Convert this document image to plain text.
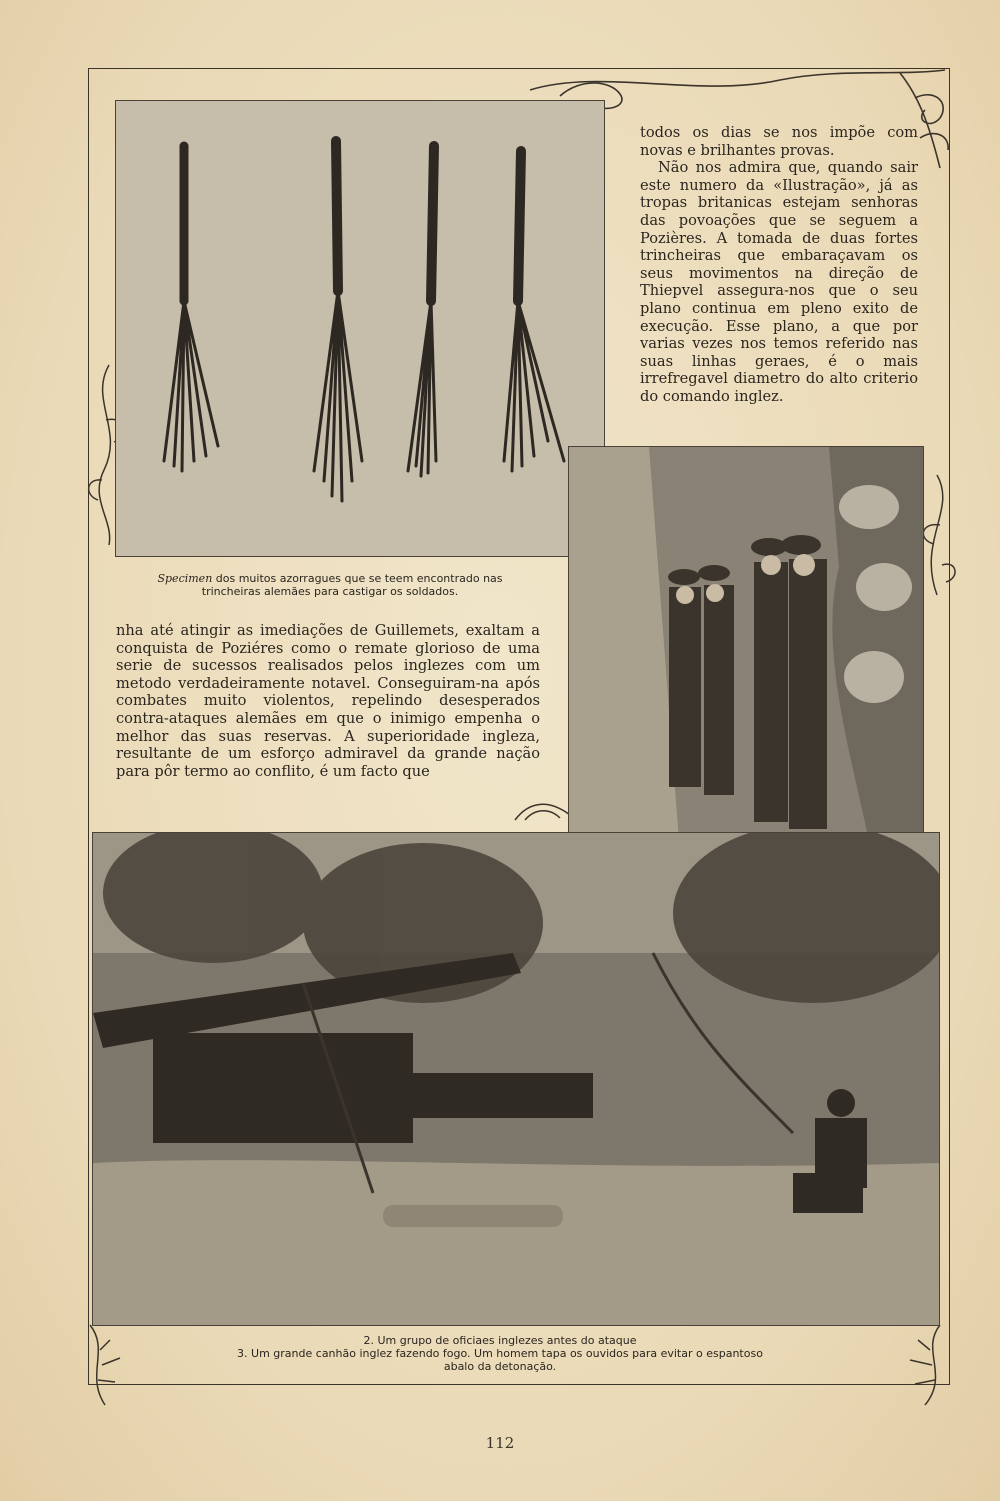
todos os dias se nos impõe com novas e brilhantes provas.

Não nos admira que, quando sair este numero da «Ilustração», já as tropas britanicas estejam senhoras das povoações que se seguem a Pozières. A tomada de duas fortes trincheiras que embaraçavam os seus movimentos na direção de Thiepvel assegura-nos que o seu plano continua em pleno exito de execução. Esse plano, a que por varias vezes nos temos referido nas suas linhas geraes, é o mais irrefregavel diametro do alto criterio do comando inglez.

Specimen dos muitos azorragues que se teem encontrado nas
trincheiras alemães para castigar os soldados.

nha até atingir as imediações de Guillemets, exaltam a conquista de Poziéres como o remate glorioso de uma serie de sucessos realisados pelos inglezes com um metodo verdadeiramente notavel. Conseguiram-na após combates muito violentos, repelindo desesperados contra-ataques alemães em que o inimigo empenha o melhor das suas reservas. A superioridade ingleza, resultante de um esforço admiravel da grande nação para pôr termo ao conflito, é um facto que

2. Um grupo de oficiaes inglezes antes do ataque
3. Um grande canhão inglez fazendo fogo. Um homem tapa os ouvidos para evitar o espantoso
abalo da detonação.
112
